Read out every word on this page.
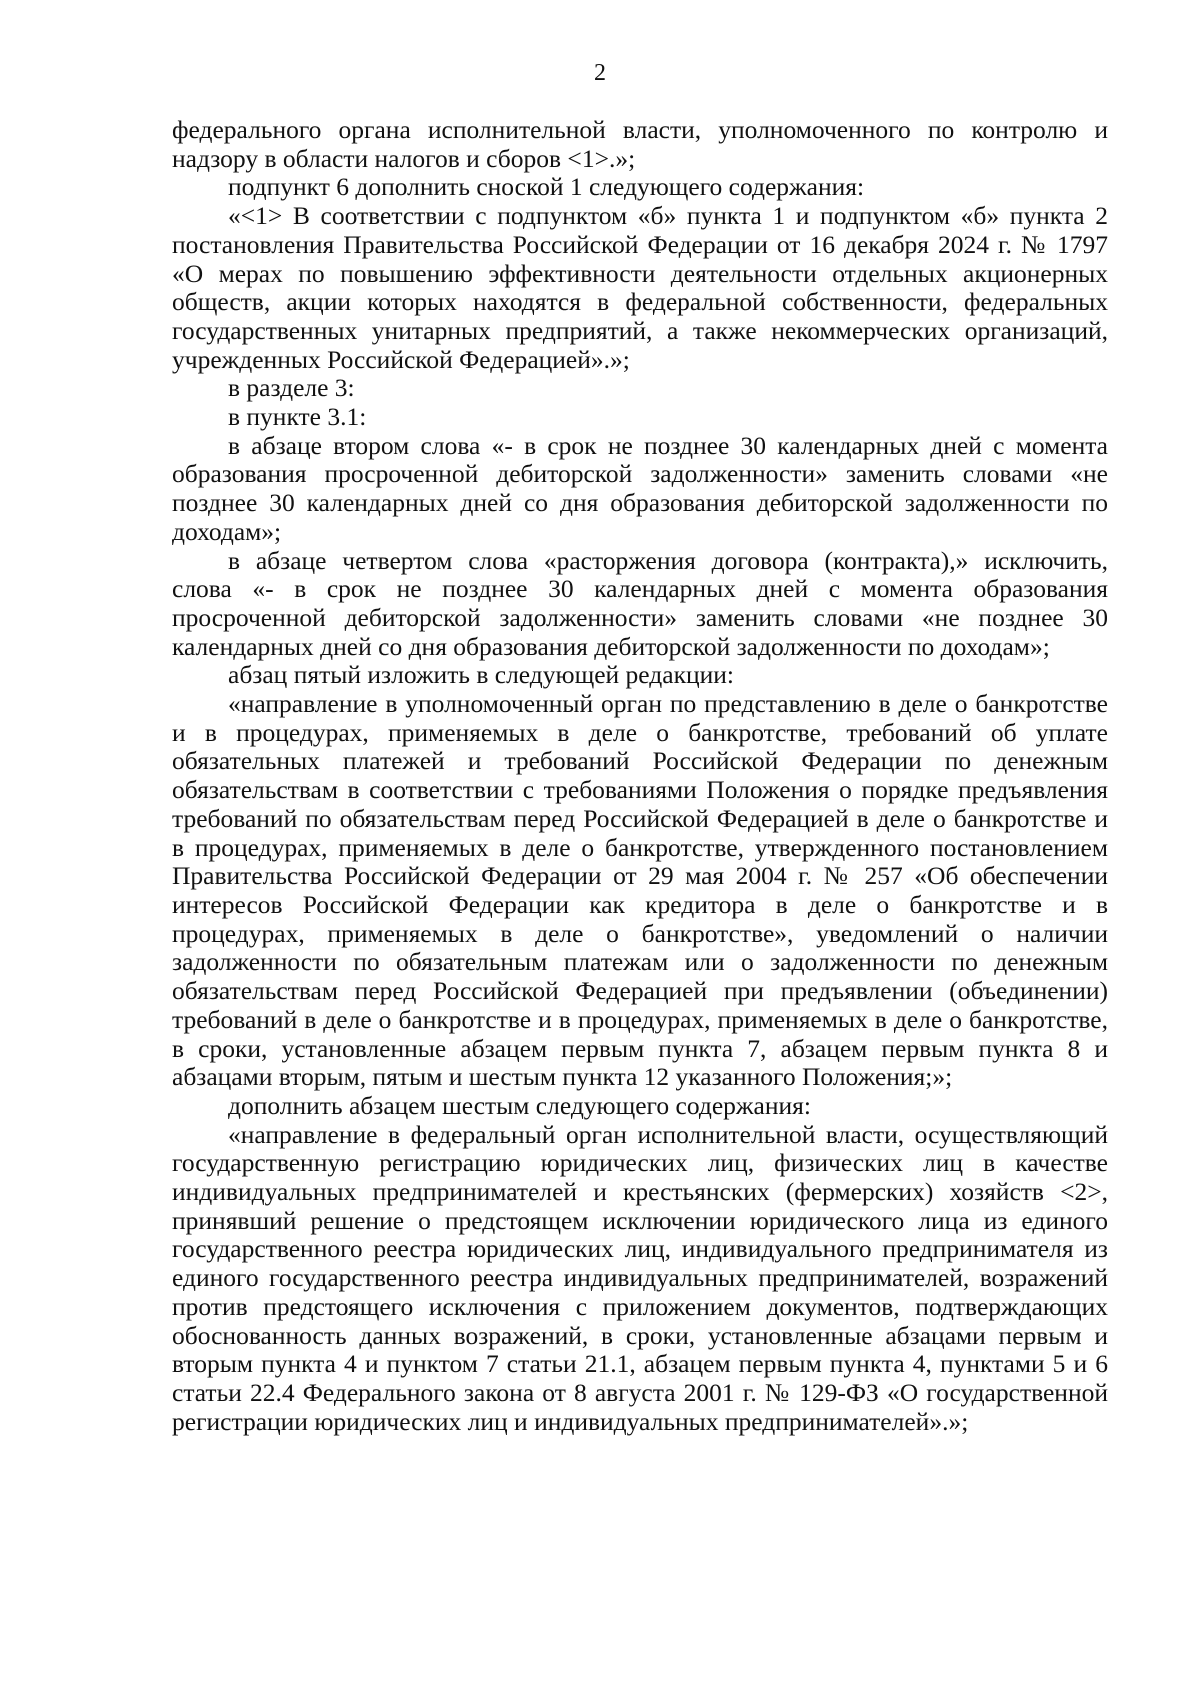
2

федерального органа исполнительной власти, уполномоченного по контролю и надзору в области налогов и сборов <1>.»;

подпункт 6 дополнить сноской 1 следующего содержания:

«<1> В соответствии с подпунктом «б» пункта 1 и подпунктом «б» пункта 2 постановления Правительства Российской Федерации от 16 декабря 2024 г. № 1797 «О мерах по повышению эффективности деятельности отдельных акционерных обществ, акции которых находятся в федеральной собственности, федеральных государственных унитарных предприятий, а также некоммерческих организаций, учрежденных Российской Федерацией».»;

в разделе 3:

в пункте 3.1:

в абзаце втором слова «- в срок не позднее 30 календарных дней с момента образования просроченной дебиторской задолженности» заменить словами «не позднее 30 календарных дней со дня образования дебиторской задолженности по доходам»;

в абзаце четвертом слова «расторжения договора (контракта),» исключить, слова «- в срок не позднее 30 календарных дней с момента образования просроченной дебиторской задолженности» заменить словами «не позднее 30 календарных дней со дня образования дебиторской задолженности по доходам»;

абзац пятый изложить в следующей редакции:

«направление в уполномоченный орган по представлению в деле о банкротстве и в процедурах, применяемых в деле о банкротстве, требований об уплате обязательных платежей и требований Российской Федерации по денежным обязательствам в соответствии с требованиями Положения о порядке предъявления требований по обязательствам перед Российской Федерацией в деле о банкротстве и в процедурах, применяемых в деле о банкротстве, утвержденного постановлением Правительства Российской Федерации от 29 мая 2004 г. № 257 «Об обеспечении интересов Российской Федерации как кредитора в деле о банкротстве и в процедурах, применяемых в деле о банкротстве», уведомлений о наличии задолженности по обязательным платежам или о задолженности по денежным обязательствам перед Российской Федерацией при предъявлении (объединении) требований в деле о банкротстве и в процедурах, применяемых в деле о банкротстве, в сроки, установленные абзацем первым пункта 7, абзацем первым пункта 8 и абзацами вторым, пятым и шестым пункта 12 указанного Положения;»;

дополнить абзацем шестым следующего содержания:

«направление в федеральный орган исполнительной власти, осуществляющий государственную регистрацию юридических лиц, физических лиц в качестве индивидуальных предпринимателей и крестьянских (фермерских) хозяйств <2>, принявший решение о предстоящем исключении юридического лица из единого государственного реестра юридических лиц, индивидуального предпринимателя из единого государственного реестра индивидуальных предпринимателей, возражений против предстоящего исключения с приложением документов, подтверждающих обоснованность данных возражений, в сроки, установленные абзацами первым и вторым пункта 4 и пунктом 7 статьи 21.1, абзацем первым пункта 4, пунктами 5 и 6 статьи 22.4 Федерального закона от 8 августа 2001 г. № 129-ФЗ «О государственной регистрации юридических лиц и индивидуальных предпринимателей».»;
